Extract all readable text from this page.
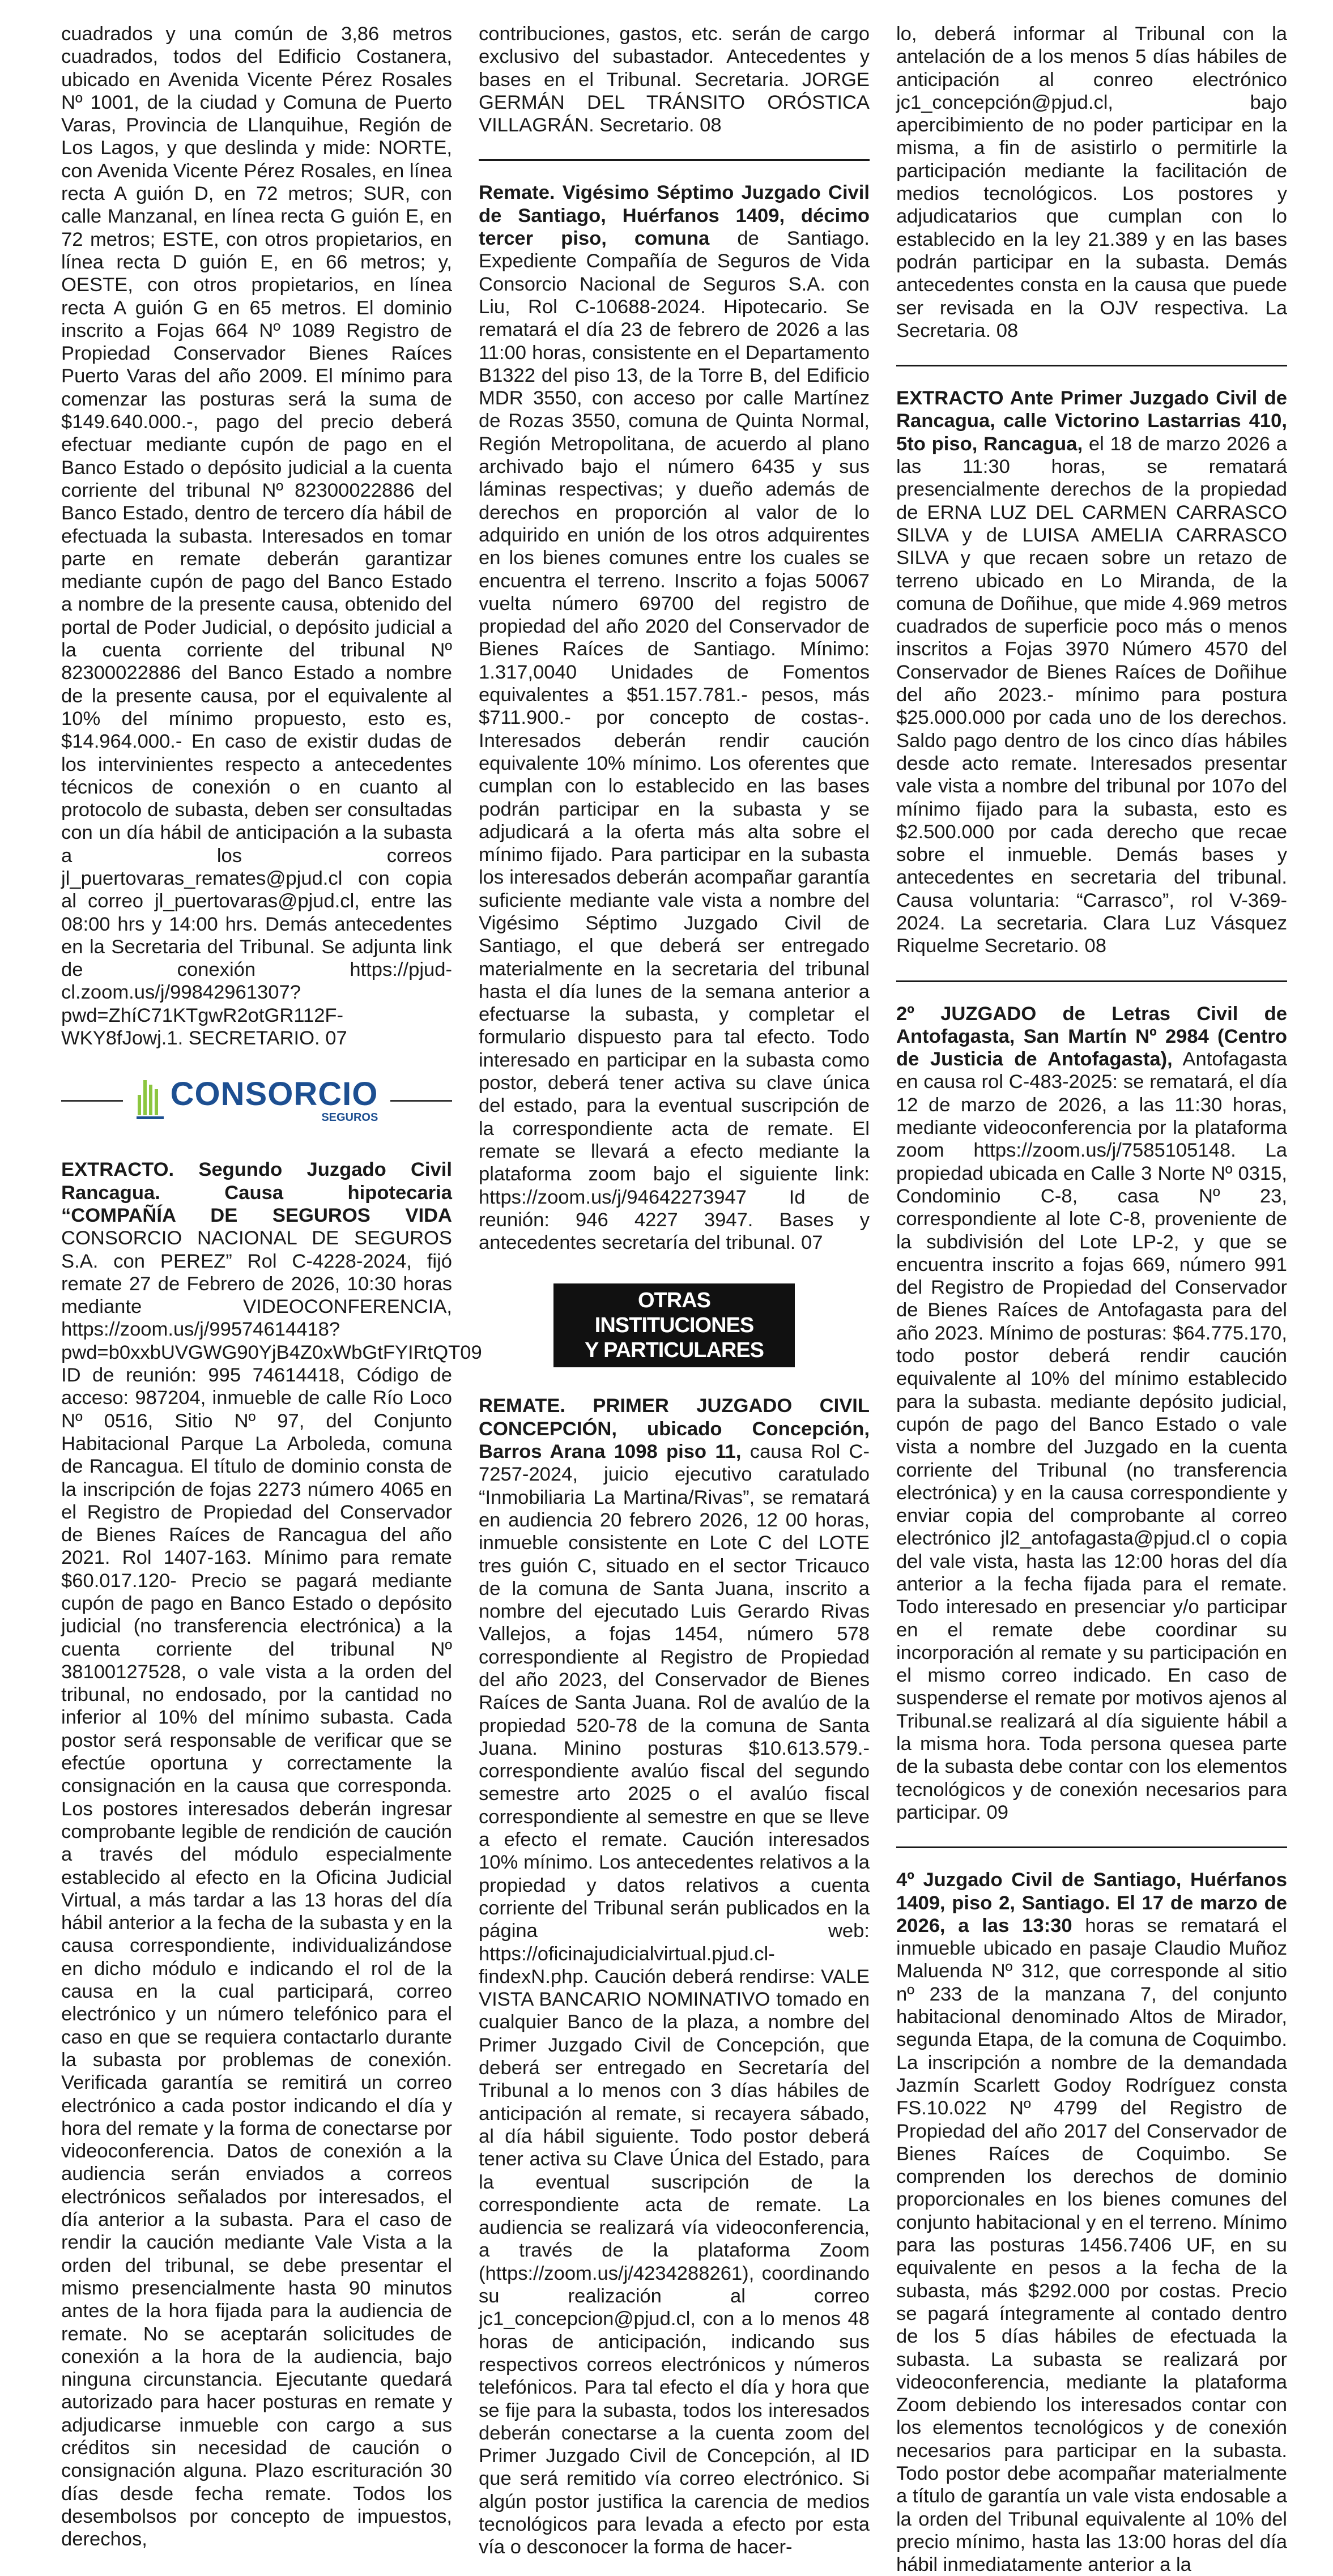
cuadrados y una común de 3,86 metros cuadrados, todos del Edificio Costanera, ubicado en Avenida Vicente Pérez Rosales Nº 1001, de la ciudad y Comuna de Puerto Varas, Provincia de Llanquihue, Región de Los Lagos, y que deslinda y mide: NORTE, con Avenida Vicente Pérez Rosales, en línea recta A guión D, en 72 metros; SUR, con calle Manzanal, en línea recta G guión E, en 72 metros; ESTE, con otros propietarios, en línea recta D guión E, en 66 metros; y, OESTE, con otros propietarios, en línea recta A guión G en 65 metros. El dominio inscrito a Fojas 664 Nº 1089 Registro de Propiedad Conservador Bienes Raíces Puerto Varas del año 2009. El mínimo para comenzar las posturas será la suma de $149.640.000.-, pago del precio deberá efectuar mediante cupón de pago en el Banco Estado o depósito judicial a la cuenta corriente del tribunal Nº 82300022886 del Banco Estado, dentro de tercero día hábil de efectuada la subasta. Interesados en tomar parte en remate deberán garantizar mediante cupón de pago del Banco Estado a nombre de la presente causa, obtenido del portal de Poder Judicial, o depósito judicial a la cuenta corriente del tribunal Nº 82300022886 del Banco Estado a nombre de la presente causa, por el equivalente al 10% del mínimo propuesto, esto es, $14.964.000.- En caso de existir dudas de los intervinientes respecto a antecedentes técnicos de conexión o en cuanto al protocolo de subasta, deben ser consultadas con un día hábil de anticipación a la subasta a los correos jl_puertovaras_remates@pjud.cl con copia al correo jl_puertovaras@pjud.cl, entre las 08:00 hrs y 14:00 hrs. Demás antecedentes en la Secretaria del Tribunal. Se adjunta link de conexión https://pjud-cl.zoom.us/j/99842961307?pwd=ZhíC71KTgwR2otGR112F-WKY8fJowj.1. SECRETARIO. 07

CONSORCIO
SEGUROS

EXTRACTO. Segundo Juzgado Civil Rancagua. Causa hipotecaria “COMPAÑÍA DE SEGUROS VIDA CONSORCIO NACIONAL DE SEGUROS S.A. con PEREZ” Rol C-4228-2024, fijó remate 27 de Febrero de 2026, 10:30 horas mediante VIDEOCONFERENCIA, https://zoom.us/j/99574614418?pwd=b0xxbUVGWG90YjB4Z0xWbGtFYIRtQT09 ID de reunión: 995 74614418, Código de acceso: 987204, inmueble de calle Río Loco Nº 0516, Sitio Nº 97, del Conjunto Habitacional Parque La Arboleda, comuna de Rancagua. El título de dominio consta de la inscripción de fojas 2273 número 4065 en el Registro de Propiedad del Conservador de Bienes Raíces de Rancagua del año 2021. Rol 1407-163. Mínimo para remate $60.017.120- Precio se pagará mediante cupón de pago en Banco Estado o depósito judicial (no transferencia electrónica) a la cuenta corriente del tribunal Nº 38100127528, o vale vista a la orden del tribunal, no endosado, por la cantidad no inferior al 10% del mínimo subasta. Cada postor será responsable de verificar que se efectúe oportuna y correctamente la consignación en la causa que corresponda. Los postores interesados deberán ingresar comprobante legible de rendición de caución a través del módulo especialmente establecido al efecto en la Oficina Judicial Virtual, a más tardar a las 13 horas del día hábil anterior a la fecha de la subasta y en la causa correspondiente, individualizándose en dicho módulo e indicando el rol de la causa en la cual participará, correo electrónico y un número telefónico para el caso en que se requiera contactarlo durante la subasta por problemas de conexión. Verificada garantía se remitirá un correo electrónico a cada postor indicando el día y hora del remate y la forma de conectarse por videoconferencia. Datos de conexión a la audiencia serán enviados a correos electrónicos señalados por interesados, el día anterior a la subasta. Para el caso de rendir la caución mediante Vale Vista a la orden del tribunal, se debe presentar el mismo presencialmente hasta 90 minutos antes de la hora fijada para la audiencia de remate. No se aceptarán solicitudes de conexión a la hora de la audiencia, bajo ninguna circunstancia. Ejecutante quedará autorizado para hacer posturas en remate y adjudicarse inmueble con cargo a sus créditos sin necesidad de caución o consignación alguna. Plazo escrituración 30 días desde fecha remate. Todos los desembolsos por concepto de impuestos, derechos,

contribuciones, gastos, etc. serán de cargo exclusivo del subastador. Antecedentes y bases en el Tribunal. Secretaria. JORGE GERMÁN DEL TRÁNSITO ORÓSTICA VILLAGRÁN. Secretario. 08

Remate. Vigésimo Séptimo Juzgado Civil de Santiago, Huérfanos 1409, décimo tercer piso, comuna de Santiago. Expediente Compañía de Seguros de Vida Consorcio Nacional de Seguros S.A. con Liu, Rol C-10688-2024. Hipotecario. Se rematará el día 23 de febrero de 2026 a las 11:00 horas, consistente en el Departamento B1322 del piso 13, de la Torre B, del Edificio MDR 3550, con acceso por calle Martínez de Rozas 3550, comuna de Quinta Normal, Región Metropolitana, de acuerdo al plano archivado bajo el número 6435 y sus láminas respectivas; y dueño además de derechos en proporción al valor de lo adquirido en unión de los otros adquirentes en los bienes comunes entre los cuales se encuentra el terreno. Inscrito a fojas 50067 vuelta número 69700 del registro de propiedad del año 2020 del Conservador de Bienes Raíces de Santiago. Mínimo: 1.317,0040 Unidades de Fomentos equivalentes a $51.157.781.- pesos, más $711.900.- por concepto de costas-. Interesados deberán rendir caución equivalente 10% mínimo. Los oferentes que cumplan con lo establecido en las bases podrán participar en la subasta y se adjudicará a la oferta más alta sobre el mínimo fijado. Para participar en la subasta los interesados deberán acompañar garantía suficiente mediante vale vista a nombre del Vigésimo Séptimo Juzgado Civil de Santiago, el que deberá ser entregado materialmente en la secretaria del tribunal hasta el día lunes de la semana anterior a efectuarse la subasta, y completar el formulario dispuesto para tal efecto. Todo interesado en participar en la subasta como postor, deberá tener activa su clave única del estado, para la eventual suscripción de la correspondiente acta de remate. El remate se llevará a efecto mediante la plataforma zoom bajo el siguiente link: https://zoom.us/j/94642273947 Id de reunión: 946 4227 3947. Bases y antecedentes secretaría del tribunal. 07

OTRAS INSTITUCIONES
Y PARTICULARES

REMATE. PRIMER JUZGADO CIVIL CONCEPCIÓN, ubicado Concepción, Barros Arana 1098 piso 11, causa Rol C-7257-2024, juicio ejecutivo caratulado “Inmobiliaria La Martina/Rivas”, se rematará en audiencia 20 febrero 2026, 12 00 horas, inmueble consistente en Lote C del LOTE tres guión C, situado en el sector Tricauco de la comuna de Santa Juana, inscrito a nombre del ejecutado Luis Gerardo Rivas Vallejos, a fojas 1454, número 578 correspondiente al Registro de Propiedad del año 2023, del Conservador de Bienes Raíces de Santa Juana. Rol de avalúo de la propiedad 520-78 de la comuna de Santa Juana. Minino posturas $10.613.579.- correspondiente avalúo fiscal del segundo semestre arto 2025 o el avalúo fiscal correspondiente al semestre en que se lleve a efecto el remate. Caución interesados 10% mínimo. Los antecedentes relativos a la propiedad y datos relativos a cuenta corriente del Tribunal serán publicados en la página web: https://oficinajudicialvirtual.pjud.cl-findexN.php. Caución deberá rendirse: VALE VISTA BANCARIO NOMINATIVO tomado en cualquier Banco de la plaza, a nombre del Primer Juzgado Civil de Concepción, que deberá ser entregado en Secretaría del Tribunal a lo menos con 3 días hábiles de anticipación al remate, si recayera sábado, al día hábil siguiente. Todo postor deberá tener activa su Clave Única del Estado, para la eventual suscripción de la correspondiente acta de remate. La audiencia se realizará vía videoconferencia, a través de la plataforma Zoom (https://zoom.us/j/4234288261), coordinando su realización al correo jc1_concepcion@pjud.cl, con a lo menos 48 horas de anticipación, indicando sus respectivos correos electrónicos y números telefónicos. Para tal efecto el día y hora que se fije para la subasta, todos los interesados deberán conectarse a la cuenta zoom del Primer Juzgado Civil de Concepción, al ID que será remitido vía correo electrónico. Si algún postor justifica la carencia de medios tecnológicos para levada a efecto por esta vía o desconocer la forma de hacer-

lo, deberá informar al Tribunal con la antelación de a los menos 5 días hábiles de anticipación al conreo electrónico jc1_concepción@pjud.cl, bajo apercibimiento de no poder participar en la misma, a fin de asistirlo o permitirle la participación mediante la facilitación de medios tecnológicos. Los postores y adjudicatarios que cumplan con lo establecido en la ley 21.389 y en las bases podrán participar en la subasta. Demás antecedentes consta en la causa que puede ser revisada en la OJV respectiva. La Secretaria. 08

EXTRACTO Ante Primer Juzgado Civil de Rancagua, calle Victorino Lastarrias 410, 5to piso, Rancagua, el 18 de marzo 2026 a las 11:30 horas, se rematará presencialmente derechos de la propiedad de ERNA LUZ DEL CARMEN CARRASCO SILVA y de LUISA AMELIA CARRASCO SILVA y que recaen sobre un retazo de terreno ubicado en Lo Miranda, de la comuna de Doñihue, que mide 4.969 metros cuadrados de superficie poco más o menos inscritos a Fojas 3970 Número 4570 del Conservador de Bienes Raíces de Doñihue del año 2023.- mínimo para postura $25.000.000 por cada uno de los derechos. Saldo pago dentro de los cinco días hábiles desde acto remate. Interesados presentar vale vista a nombre del tribunal por 107o del mínimo fijado para la subasta, esto es $2.500.000 por cada derecho que recae sobre el inmueble. Demás bases y antecedentes en secretaria del tribunal. Causa voluntaria: “Carrasco”, rol V-369-2024. La secretaria. Clara Luz Vásquez Riquelme Secretario. 08

2º JUZGADO de Letras Civil de Antofagasta, San Martín Nº 2984 (Centro de Justicia de Antofagasta), Antofagasta en causa rol C-483-2025: se rematará, el día 12 de marzo de 2026, a las 11:30 horas, mediante videoconferencia por la plataforma zoom https://zoom.us/j/7585105148. La propiedad ubicada en Calle 3 Norte Nº 0315, Condominio C-8, casa Nº 23, correspondiente al lote C-8, proveniente de la subdivisión del Lote LP-2, y que se encuentra inscrito a fojas 669, número 991 del Registro de Propiedad del Conservador de Bienes Raíces de Antofagasta para del año 2023. Mínimo de posturas: $64.775.170, todo postor deberá rendir caución equivalente al 10% del mínimo establecido para la subasta. mediante depósito judicial, cupón de pago del Banco Estado o vale vista a nombre del Juzgado en la cuenta corriente del Tribunal (no transferencia electrónica) y en la causa correspondiente y enviar copia del comprobante al correo electrónico jl2_antofagasta@pjud.cl o copia del vale vista, hasta las 12:00 horas del día anterior a la fecha fijada para el remate. Todo interesado en presenciar y/o participar en el remate debe coordinar su incorporación al remate y su participación en el mismo correo indicado. En caso de suspenderse el remate por motivos ajenos al Tribunal.se realizará al día siguiente hábil a la misma hora. Toda persona quesea parte de la subasta debe contar con los elementos tecnológicos y de conexión necesarios para participar. 09

4º Juzgado Civil de Santiago, Huérfanos 1409, piso 2, Santiago. El 17 de marzo de 2026, a las 13:30 horas se rematará el inmueble ubicado en pasaje Claudio Muñoz Maluenda Nº 312, que corresponde al sitio nº 233 de la manzana 7, del conjunto habitacional denominado Altos de Mirador, segunda Etapa, de la comuna de Coquimbo. La inscripción a nombre de la demandada Jazmín Scarlett Godoy Rodríguez consta FS.10.022 Nº 4799 del Registro de Propiedad del año 2017 del Conservador de Bienes Raíces de Coquimbo. Se comprenden los derechos de dominio proporcionales en los bienes comunes del conjunto habitacional y en el terreno. Mínimo para las posturas 1456.7406 UF, en su equivalente en pesos a la fecha de la subasta, más $292.000 por costas. Precio se pagará íntegramente al contado dentro de los 5 días hábiles de efectuada la subasta. La subasta se realizará por videoconferencia, mediante la plataforma Zoom debiendo los interesados contar con los elementos tecnológicos y de conexión necesarios para participar en la subasta. Todo postor debe acompañar materialmente a título de garantía un vale vista endosable a la orden del Tribunal equivalente al 10% del precio mínimo, hasta las 13:00 horas del día hábil inmediatamente anterior a la
